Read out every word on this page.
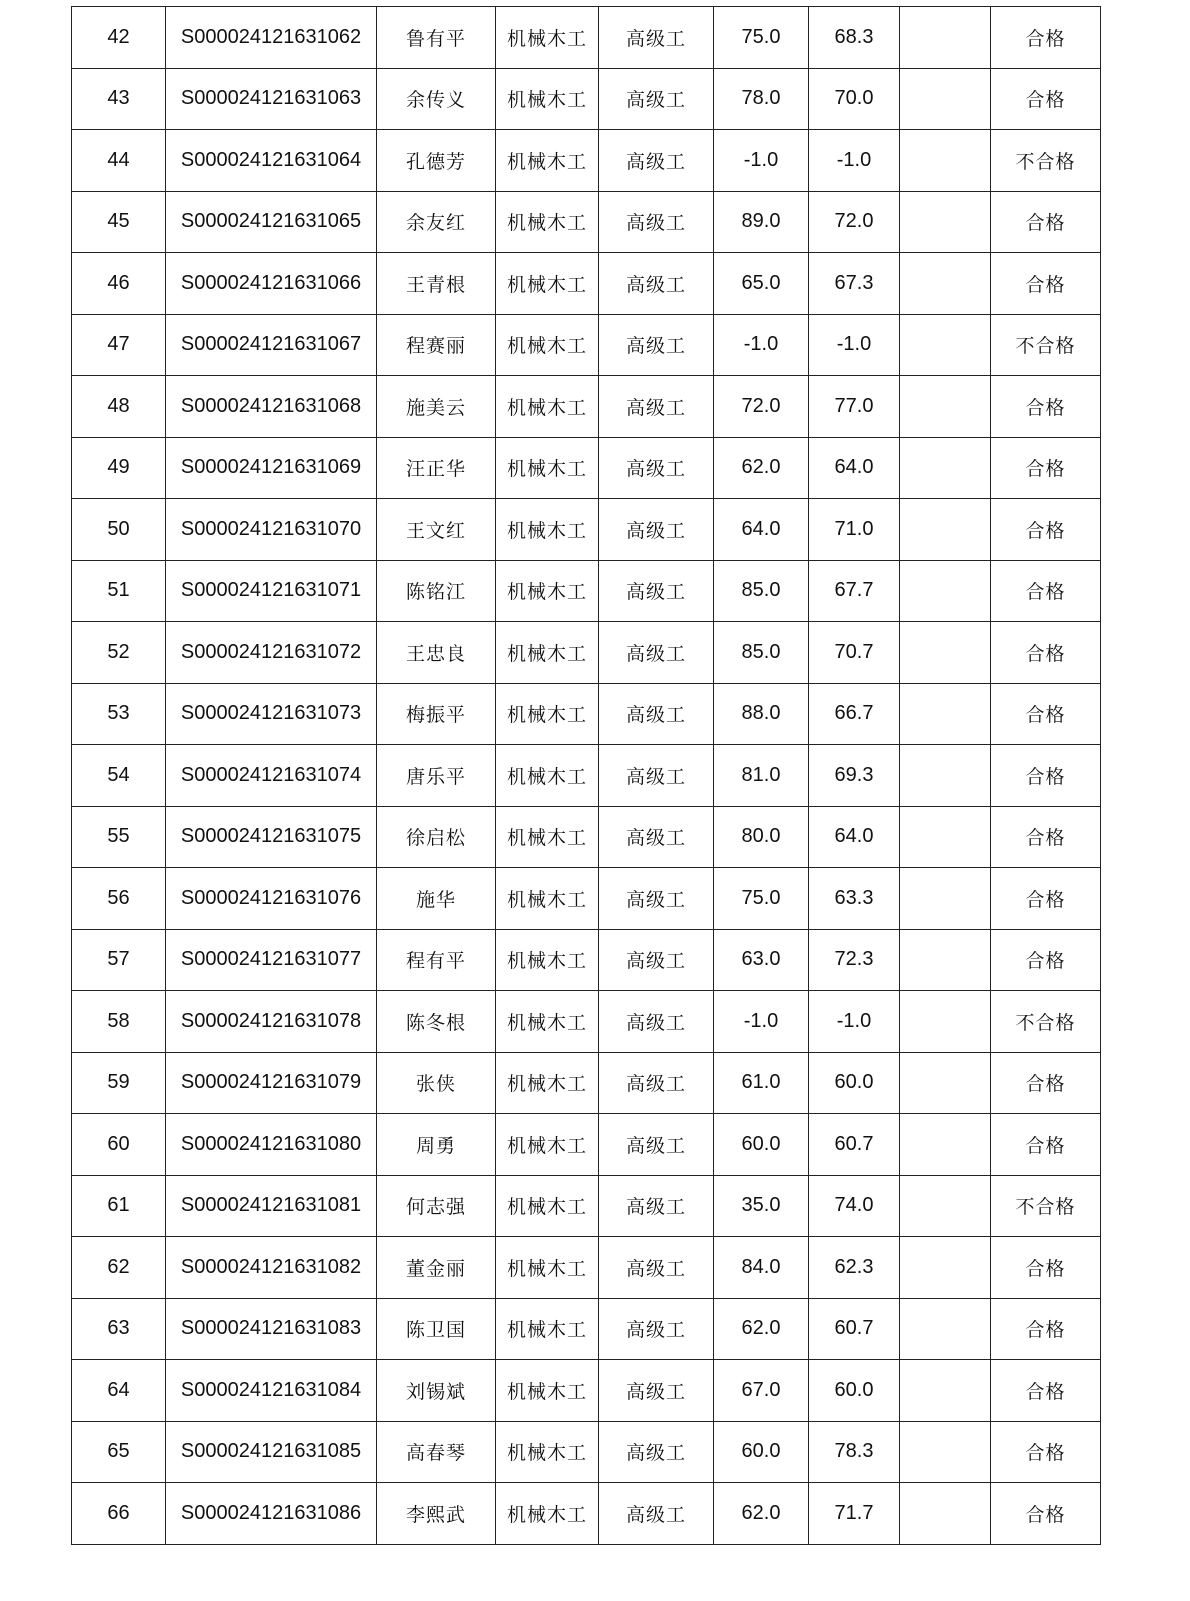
42	S000024121631062	鲁有平	机械木工	高级工	75.0	68.3		合格
43	S000024121631063	余传义	机械木工	高级工	78.0	70.0		合格
44	S000024121631064	孔德芳	机械木工	高级工	-1.0	-1.0		不合格
45	S000024121631065	余友红	机械木工	高级工	89.0	72.0		合格
46	S000024121631066	王青根	机械木工	高级工	65.0	67.3		合格
47	S000024121631067	程赛丽	机械木工	高级工	-1.0	-1.0		不合格
48	S000024121631068	施美云	机械木工	高级工	72.0	77.0		合格
49	S000024121631069	汪正华	机械木工	高级工	62.0	64.0		合格
50	S000024121631070	王文红	机械木工	高级工	64.0	71.0		合格
51	S000024121631071	陈铭江	机械木工	高级工	85.0	67.7		合格
52	S000024121631072	王忠良	机械木工	高级工	85.0	70.7		合格
53	S000024121631073	梅振平	机械木工	高级工	88.0	66.7		合格
54	S000024121631074	唐乐平	机械木工	高级工	81.0	69.3		合格
55	S000024121631075	徐启松	机械木工	高级工	80.0	64.0		合格
56	S000024121631076	施华	机械木工	高级工	75.0	63.3		合格
57	S000024121631077	程有平	机械木工	高级工	63.0	72.3		合格
58	S000024121631078	陈冬根	机械木工	高级工	-1.0	-1.0		不合格
59	S000024121631079	张侠	机械木工	高级工	61.0	60.0		合格
60	S000024121631080	周勇	机械木工	高级工	60.0	60.7		合格
61	S000024121631081	何志强	机械木工	高级工	35.0	74.0		不合格
62	S000024121631082	董金丽	机械木工	高级工	84.0	62.3		合格
63	S000024121631083	陈卫国	机械木工	高级工	62.0	60.7		合格
64	S000024121631084	刘锡斌	机械木工	高级工	67.0	60.0		合格
65	S000024121631085	高春琴	机械木工	高级工	60.0	78.3		合格
66	S000024121631086	李熙武	机械木工	高级工	62.0	71.7		合格
